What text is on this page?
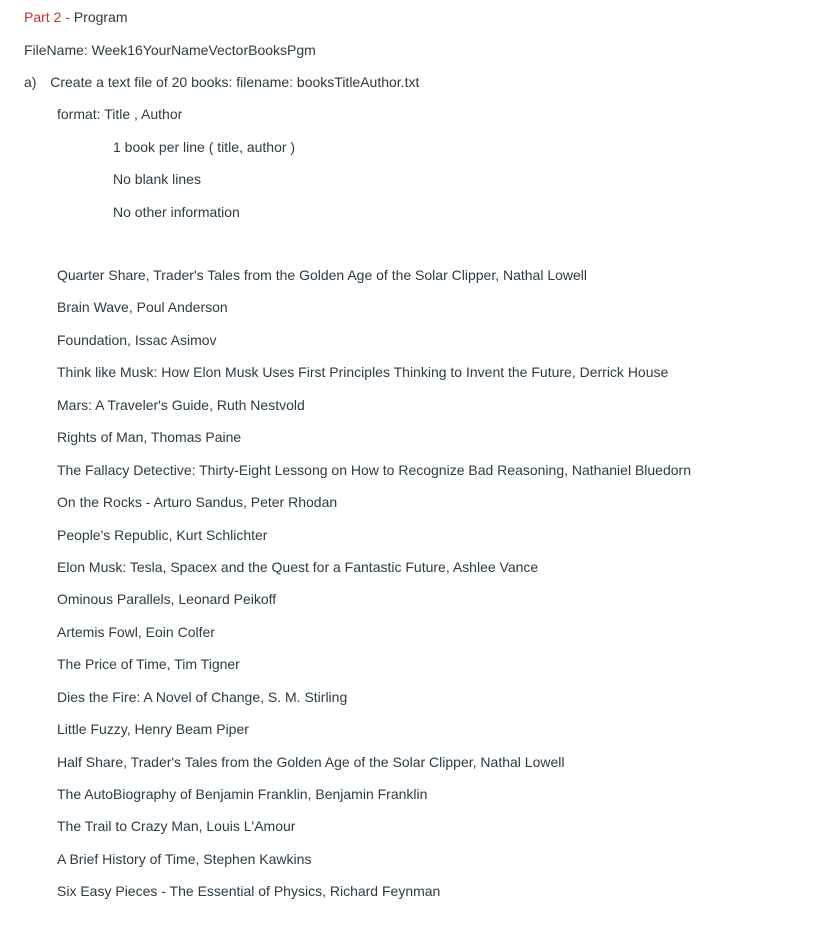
Part 2 - Program
FileName: Week16YourNameVectorBooksPgm
a) Create a text file of 20 books: filename: booksTitleAuthor.txt
format: Title , Author
1 book per line ( title, author )
No blank lines
No other information
Quarter Share, Trader's Tales from the Golden Age of the Solar Clipper, Nathal Lowell
Brain Wave, Poul Anderson
Foundation, Issac Asimov
Think like Musk: How Elon Musk Uses First Principles Thinking to Invent the Future, Derrick House
Mars: A Traveler's Guide, Ruth Nestvold
Rights of Man, Thomas Paine
The Fallacy Detective: Thirty-Eight Lessong on How to Recognize Bad Reasoning, Nathaniel Bluedorn
On the Rocks - Arturo Sandus, Peter Rhodan
People's Republic, Kurt Schlichter
Elon Musk: Tesla, Spacex and the Quest for a Fantastic Future, Ashlee Vance
Ominous Parallels, Leonard Peikoff
Artemis Fowl, Eoin Colfer
The Price of Time, Tim Tigner
Dies the Fire: A Novel of Change, S. M. Stirling
Little Fuzzy, Henry Beam Piper
Half Share, Trader's Tales from the Golden Age of the Solar Clipper, Nathal Lowell
The AutoBiography of Benjamin Franklin, Benjamin Franklin
The Trail to Crazy Man, Louis L'Amour
A Brief History of Time, Stephen Kawkins
Six Easy Pieces - The Essential of Physics, Richard Feynman
